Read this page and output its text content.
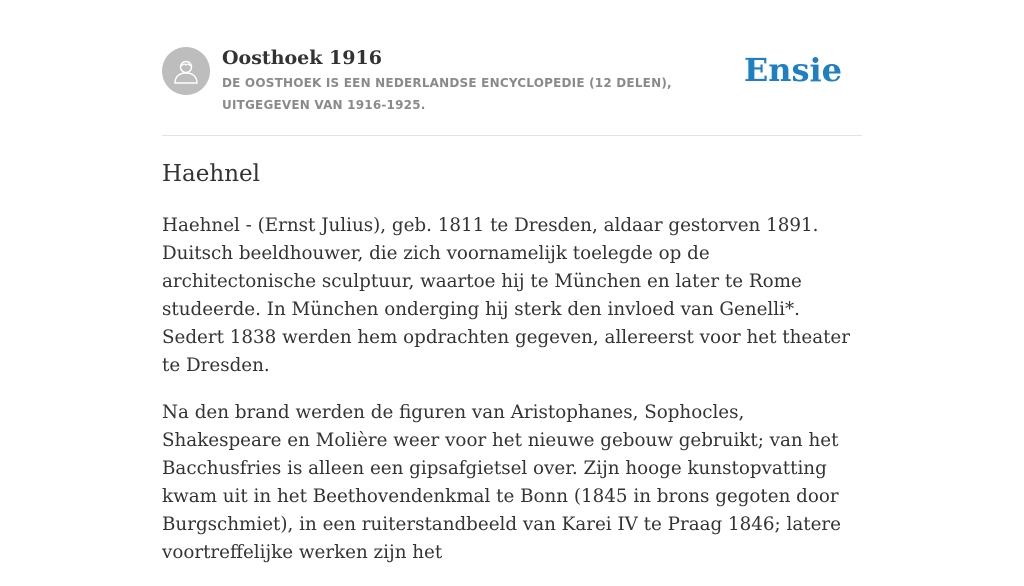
Oosthoek 1916

DE OOSTHOEK IS EEN NEDERLANDSE ENCYCLOPEDIE (12 DELEN), UITGEGEVEN VAN 1916-1925.

Ensie
Haehnel

Haehnel - (Ernst Julius), geb. 1811 te Dresden, aldaar gestorven 1891. Duitsch beeldhouwer, die zich voornamelijk toelegde op de architectonische sculptuur, waartoe hij te München en later te Rome studeerde. In München onderging hij sterk den invloed van Genelli*. Sedert 1838 werden hem opdrachten gegeven, allereerst voor het theater te Dresden.

Na den brand werden de figuren van Aristophanes, Sophocles, Shakespeare en Molière weer voor het nieuwe gebouw gebruikt; van het Bacchusfries is alleen een gipsafgietsel over. Zijn hooge kunstopvatting kwam uit in het Beethovendenkmal te Bonn (1845 in brons gegoten door Burgschmiet), in een ruiterstandbeeld van Karei IV te Praag 1846; latere voortreffelijke werken zijn het
